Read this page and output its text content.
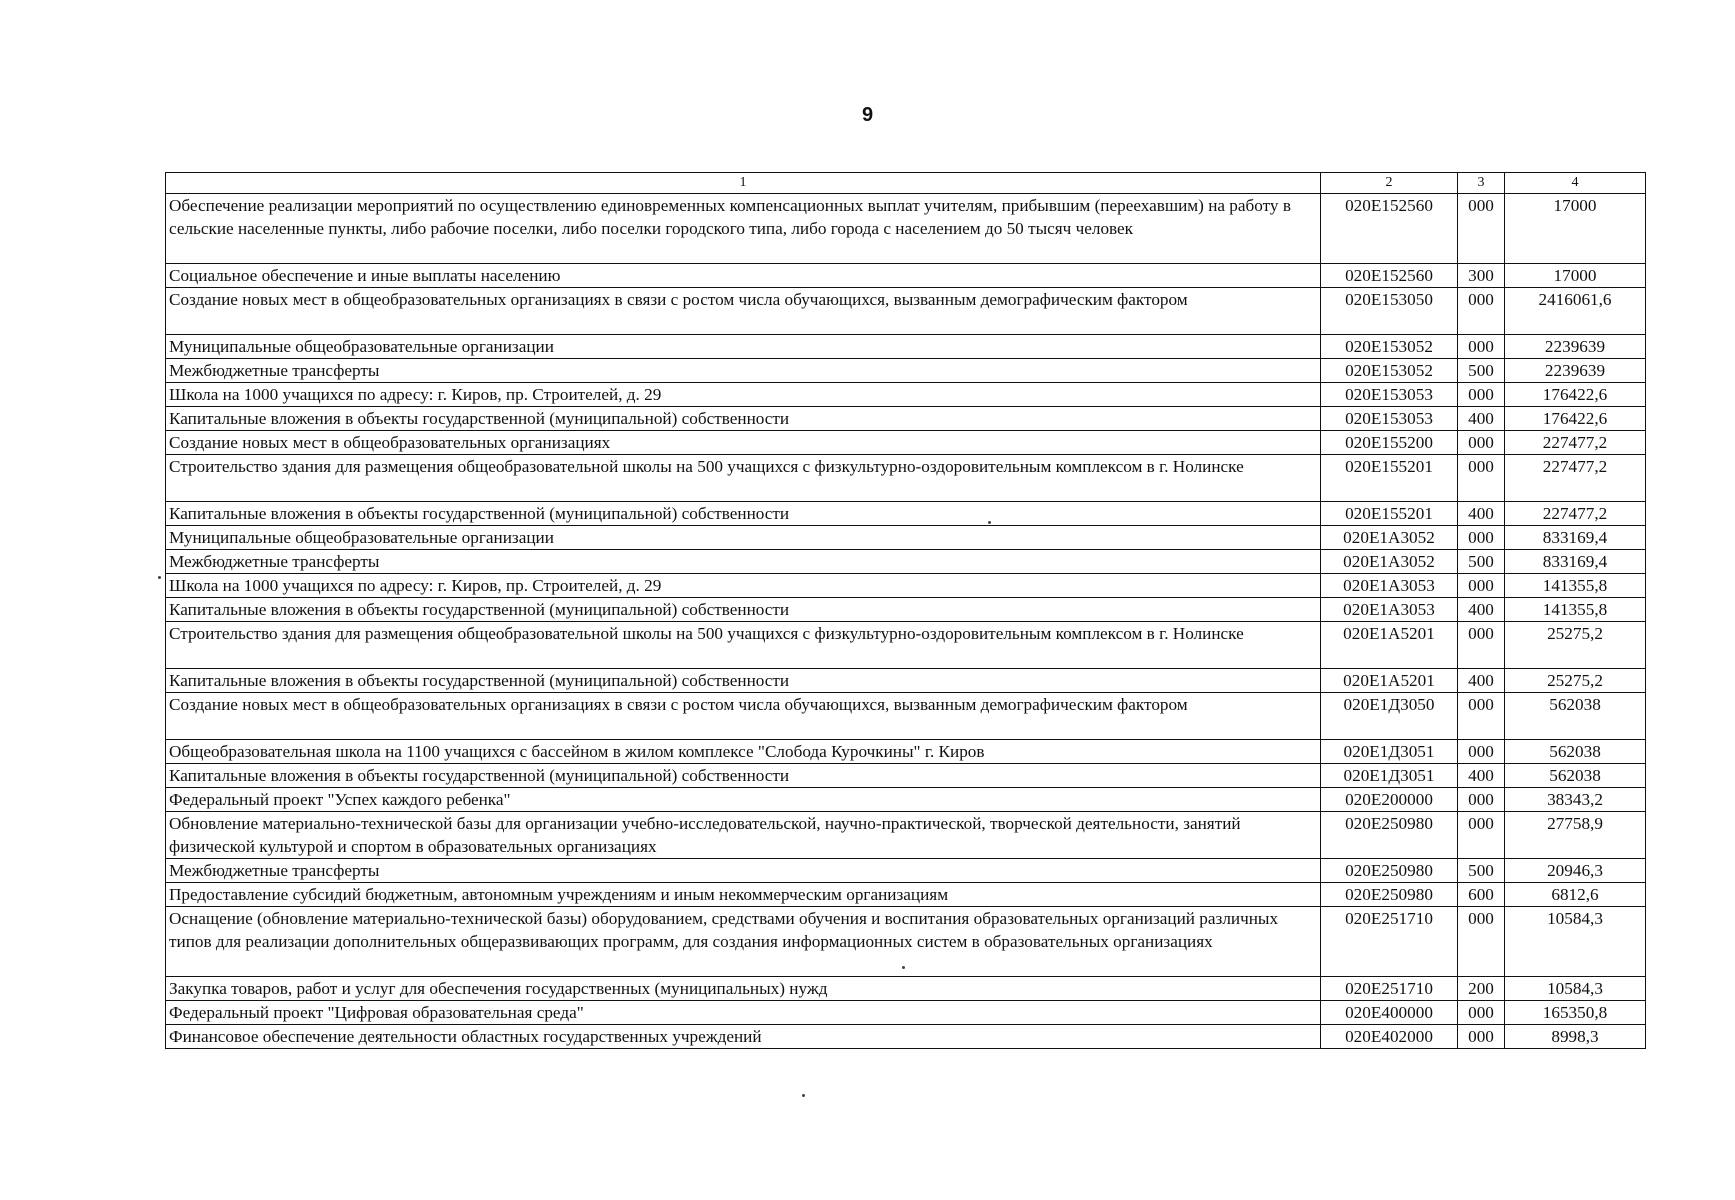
9
1	2	3	4
Обеспечение реализации мероприятий по осуществлению единовременных компенсационных выплат учителям, прибывшим (переехавшим) на работу в сельские населенные пункты, либо рабочие поселки, либо поселки городского типа, либо города с населением до 50 тысяч человек	020E152560	000	17000
Социальное обеспечение и иные выплаты населению	020E152560	300	17000
Создание новых мест в общеобразовательных организациях в связи с ростом числа обучающихся, вызванным демографическим фактором	020E153050	000	2416061,6
Муниципальные общеобразовательные организации	020E153052	000	2239639
Межбюджетные трансферты	020E153052	500	2239639
Школа на 1000 учащихся по адресу: г. Киров, пр. Строителей, д. 29	020E153053	000	176422,6
Капитальные вложения в объекты государственной (муниципальной) собственности	020E153053	400	176422,6
Создание новых мест в общеобразовательных организациях	020E155200	000	227477,2
Строительство здания для размещения общеобразовательной школы на 500 учащихся с физкультурно-оздоровительным комплексом в г. Нолинске	020E155201	000	227477,2
Капитальные вложения в объекты государственной (муниципальной) собственности	020E155201	400	227477,2
Муниципальные общеобразовательные организации	020E1A3052	000	833169,4
Межбюджетные трансферты	020E1A3052	500	833169,4
Школа на 1000 учащихся по адресу: г. Киров, пр. Строителей, д. 29	020E1A3053	000	141355,8
Капитальные вложения в объекты государственной (муниципальной) собственности	020E1A3053	400	141355,8
Строительство здания для размещения общеобразовательной школы на 500 учащихся с физкультурно-оздоровительным комплексом в г. Нолинске	020E1A5201	000	25275,2
Капитальные вложения в объекты государственной (муниципальной) собственности	020E1A5201	400	25275,2
Создание новых мест в общеобразовательных организациях в связи с ростом числа обучающихся, вызванным демографическим фактором	020E1Д3050	000	562038
Общеобразовательная школа на 1100 учащихся с бассейном в жилом комплексе "Слобода Курочкины" г. Киров	020E1Д3051	000	562038
Капитальные вложения в объекты государственной (муниципальной) собственности	020E1Д3051	400	562038
Федеральный проект "Успех каждого ребенка"	020E200000	000	38343,2
Обновление материально-технической базы для организации учебно-исследовательской, научно-практической, творческой деятельности, занятий физической культурой и спортом в образовательных организациях	020E250980	000	27758,9
Межбюджетные трансферты	020E250980	500	20946,3
Предоставление субсидий бюджетным, автономным учреждениям и иным некоммерческим организациям	020E250980	600	6812,6
Оснащение (обновление материально-технической базы) оборудованием, средствами обучения и воспитания образовательных организаций различных типов для реализации дополнительных общеразвивающих программ, для создания информационных систем в образовательных организациях	020E251710	000	10584,3
Закупка товаров, работ и услуг для обеспечения государственных (муниципальных) нужд	020E251710	200	10584,3
Федеральный проект "Цифровая образовательная среда"	020E400000	000	165350,8
Финансовое обеспечение деятельности областных государственных учреждений	020E402000	000	8998,3
